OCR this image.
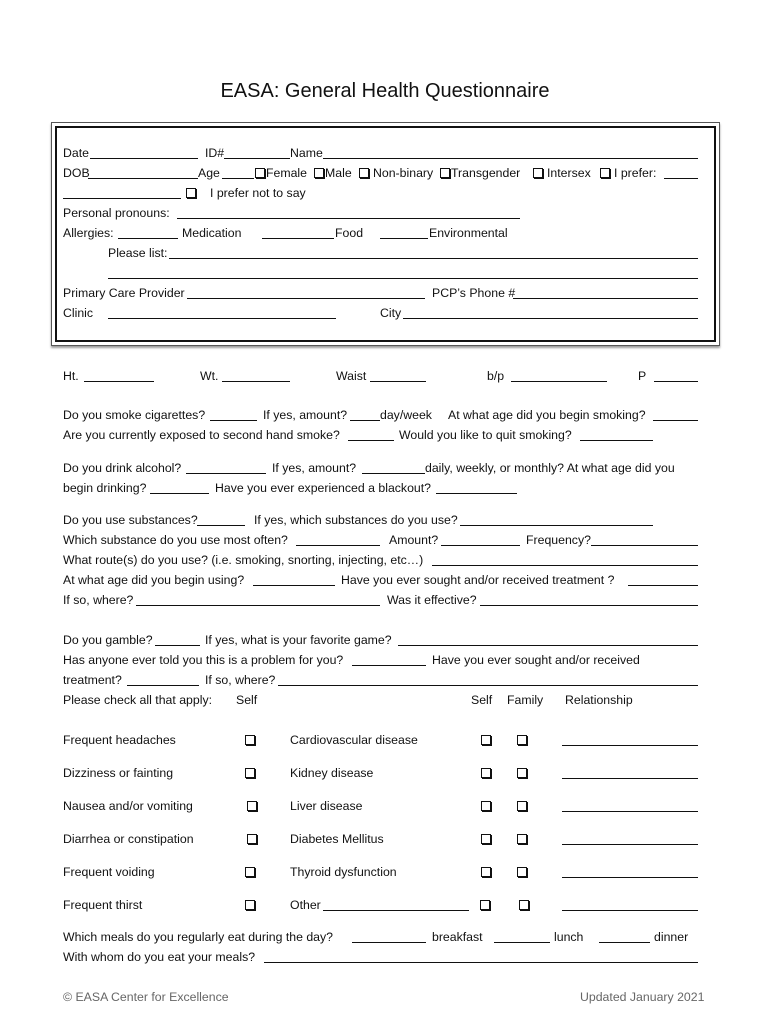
EASA: General Health Questionnaire
Date	ID#	Name
DOB	Age	Female Male Non-binary Transgender Intersex I prefer:
I prefer not to say
Personal pronouns:
Allergies:	Medication	Food	Environmental
Please list:
Primary Care Provider	PCP’s Phone #
Clinic	City
Ht.	Wt.	Waist	b/p	P
Do you smoke cigarettes?	If yes, amount?	day/week At what age did you begin smoking?
Are you currently exposed to second hand smoke?	Would you like to quit smoking?
Do you drink alcohol?	If yes, amount?	daily, weekly, or monthly? At what age did you
begin drinking?	Have you ever experienced a blackout?
Do you use substances?	If yes, which substances do you use?
Which substance do you use most often?	Amount?	Frequency?
What route(s) do you use? (i.e. smoking, snorting, injecting, etc…)
At what age did you begin using?	Have you ever sought and/or received treatment ?
If so, where?	Was it effective?
Do you gamble?	If yes, what is your favorite game?
Has anyone ever told you this is a problem for you?	Have you ever sought and/or received
treatment?	If so, where?
Please check all that apply: Self	Self Family Relationship
Frequent headaches	Cardiovascular disease
Dizziness or fainting	Kidney disease
Nausea and/or vomiting	Liver disease
Diarrhea or constipation	Diabetes Mellitus
Frequent voiding	Thyroid dysfunction
Frequent thirst	Other
Which meals do you regularly eat during the day?	breakfast	lunch	dinner
With whom do you eat your meals?
© EASA Center for Excellence	Updated January 2021
